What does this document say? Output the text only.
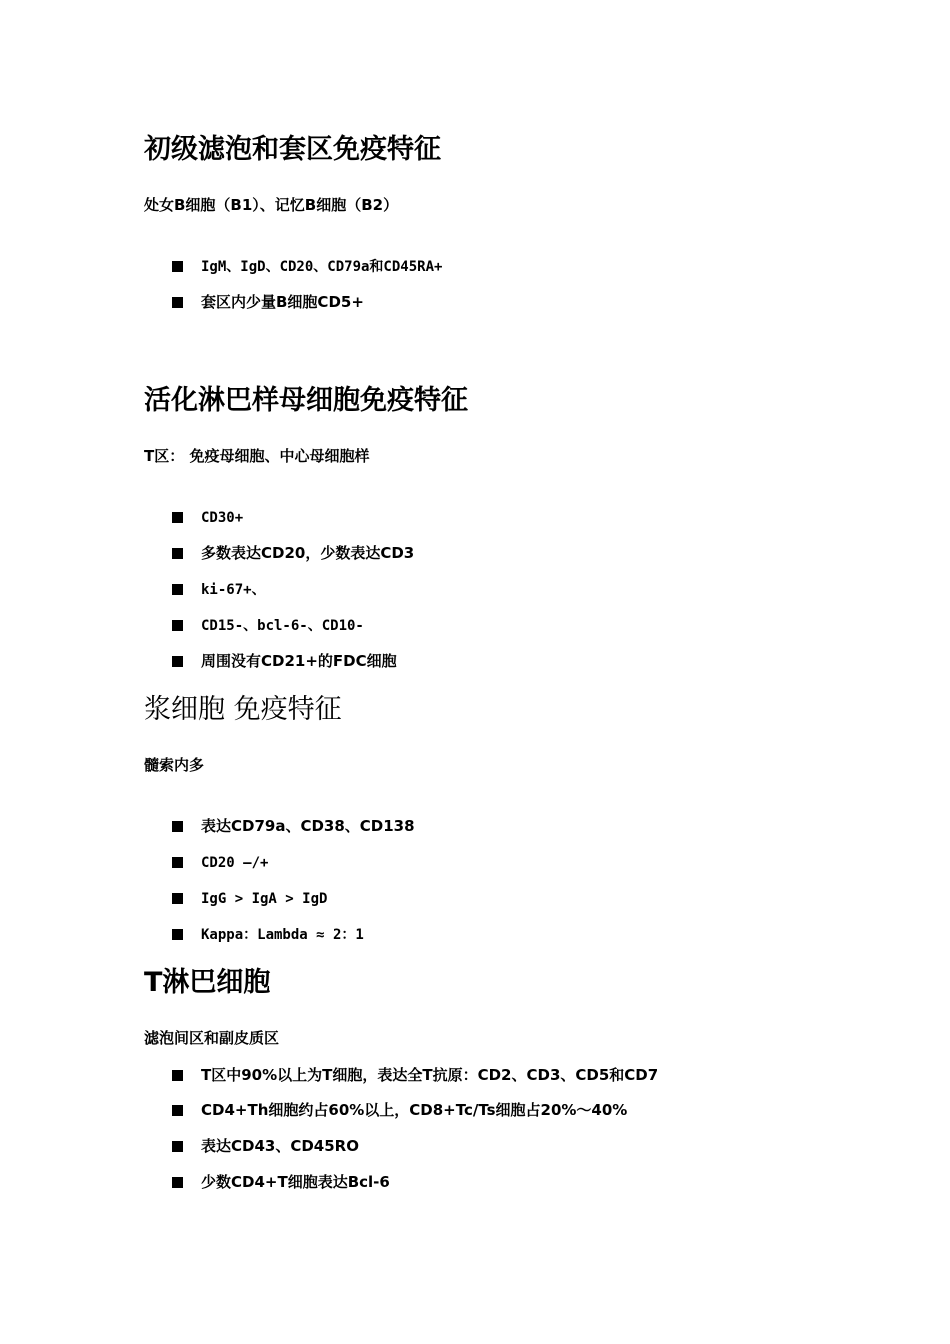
初级滤泡和套区免疫特征
处女B细胞（B1）、记忆B细胞（B2）
IgM、IgD、CD20、CD79a和CD45RA+
套区内少量B细胞CD5+
活化淋巴样母细胞免疫特征
T区： 免疫母细胞、中心母细胞样
CD30+
多数表达CD20，少数表达CD3
ki-67+、
CD15-、bcl-6-、CD10-
周围没有CD21+的FDC细胞
浆细胞 免疫特征
髓索内多
表达CD79a、CD38、CD138
CD20 —/+
IgG > IgA > IgD
Kappa：Lambda ≈ 2：1
T淋巴细胞
滤泡间区和副皮质区
T区中90%以上为T细胞，表达全T抗原：CD2、CD3、CD5和CD7
CD4+Th细胞约占60%以上，CD8+Tc/Ts细胞占20%～40%
表达CD43、CD45RO
少数CD4+T细胞表达Bcl-6
